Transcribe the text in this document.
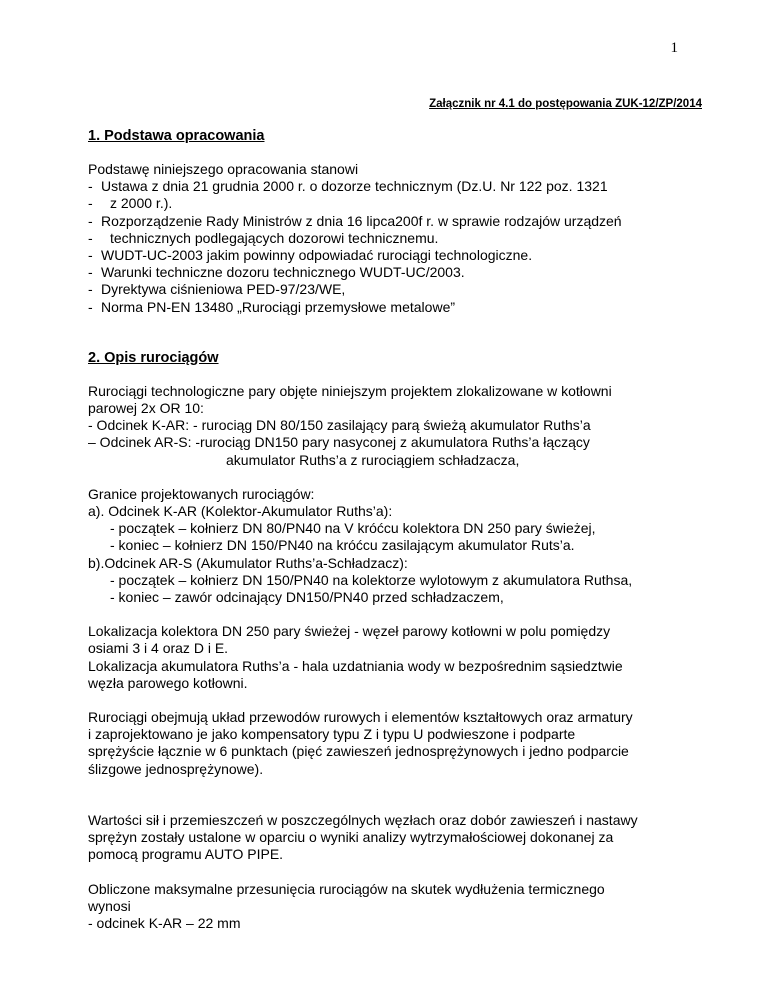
1
Załącznik nr 4.1 do postępowania ZUK-12/ZP/2014
1. Podstawa opracowania

Podstawę niniejszego opracowania stanowi

- Ustawa z dnia 21 grudnia 2000 r. o dozorze technicznym (Dz.U. Nr 122 poz. 1321
- z 2000 r.).
- Rozporządzenie Rady Ministrów z dnia 16 lipca200f r. w sprawie rodzajów urządzeń
- technicznych podlegających dozorowi technicznemu.
- WUDT-UC-2003 jakim powinny odpowiadać rurociągi technologiczne.
- Warunki techniczne dozoru technicznego WUDT-UC/2003.
- Dyrektywa ciśnieniowa PED-97/23/WE,
- Norma PN-EN 13480 „Rurociągi przemysłowe metalowe”
2. Opis rurociągów

Rurociągi technologiczne pary objęte niniejszym projektem zlokalizowane w kotłowni

parowej 2x OR 10:

- Odcinek K-AR: - rurociąg DN 80/150 zasilający parą świeżą akumulator Ruths’a

– Odcinek AR-S: -rurociąg DN150 pary nasyconej z akumulatora Ruths’a łączący

akumulator Ruths’a z rurociągiem schładzacza,

Granice projektowanych rurociągów:

a). Odcinek K-AR (Kolektor-Akumulator Ruths’a):

- początek – kołnierz DN 80/PN40 na V króćcu kolektora DN 250 pary świeżej,

- koniec – kołnierz DN 150/PN40 na króćcu zasilającym akumulator Ruts’a.

b).Odcinek AR-S (Akumulator Ruths’a-Schładzacz):

- początek – kołnierz DN 150/PN40 na kolektorze wylotowym z akumulatora Ruthsa,

- koniec – zawór odcinający DN150/PN40 przed schładzaczem,

Lokalizacja kolektora DN 250 pary świeżej - węzeł parowy kotłowni w polu pomiędzy

osiami 3 i 4 oraz D i E.

Lokalizacja akumulatora Ruths’a - hala uzdatniania wody w bezpośrednim sąsiedztwie

węzła parowego kotłowni.

Rurociągi obejmują układ przewodów rurowych i elementów kształtowych oraz armatury

i zaprojektowano je jako kompensatory typu Z i typu U podwieszone i podparte

sprężyście łącznie w 6 punktach (pięć zawieszeń jednosprężynowych i jedno podparcie

ślizgowe jednosprężynowe).

Wartości sił i przemieszczeń w poszczególnych węzłach oraz dobór zawieszeń i nastawy

sprężyn zostały ustalone w oparciu o wyniki analizy wytrzymałościowej dokonanej za

pomocą programu AUTO PIPE.

Obliczone maksymalne przesunięcia rurociągów na skutek wydłużenia termicznego

wynosi

- odcinek K-AR – 22 mm
